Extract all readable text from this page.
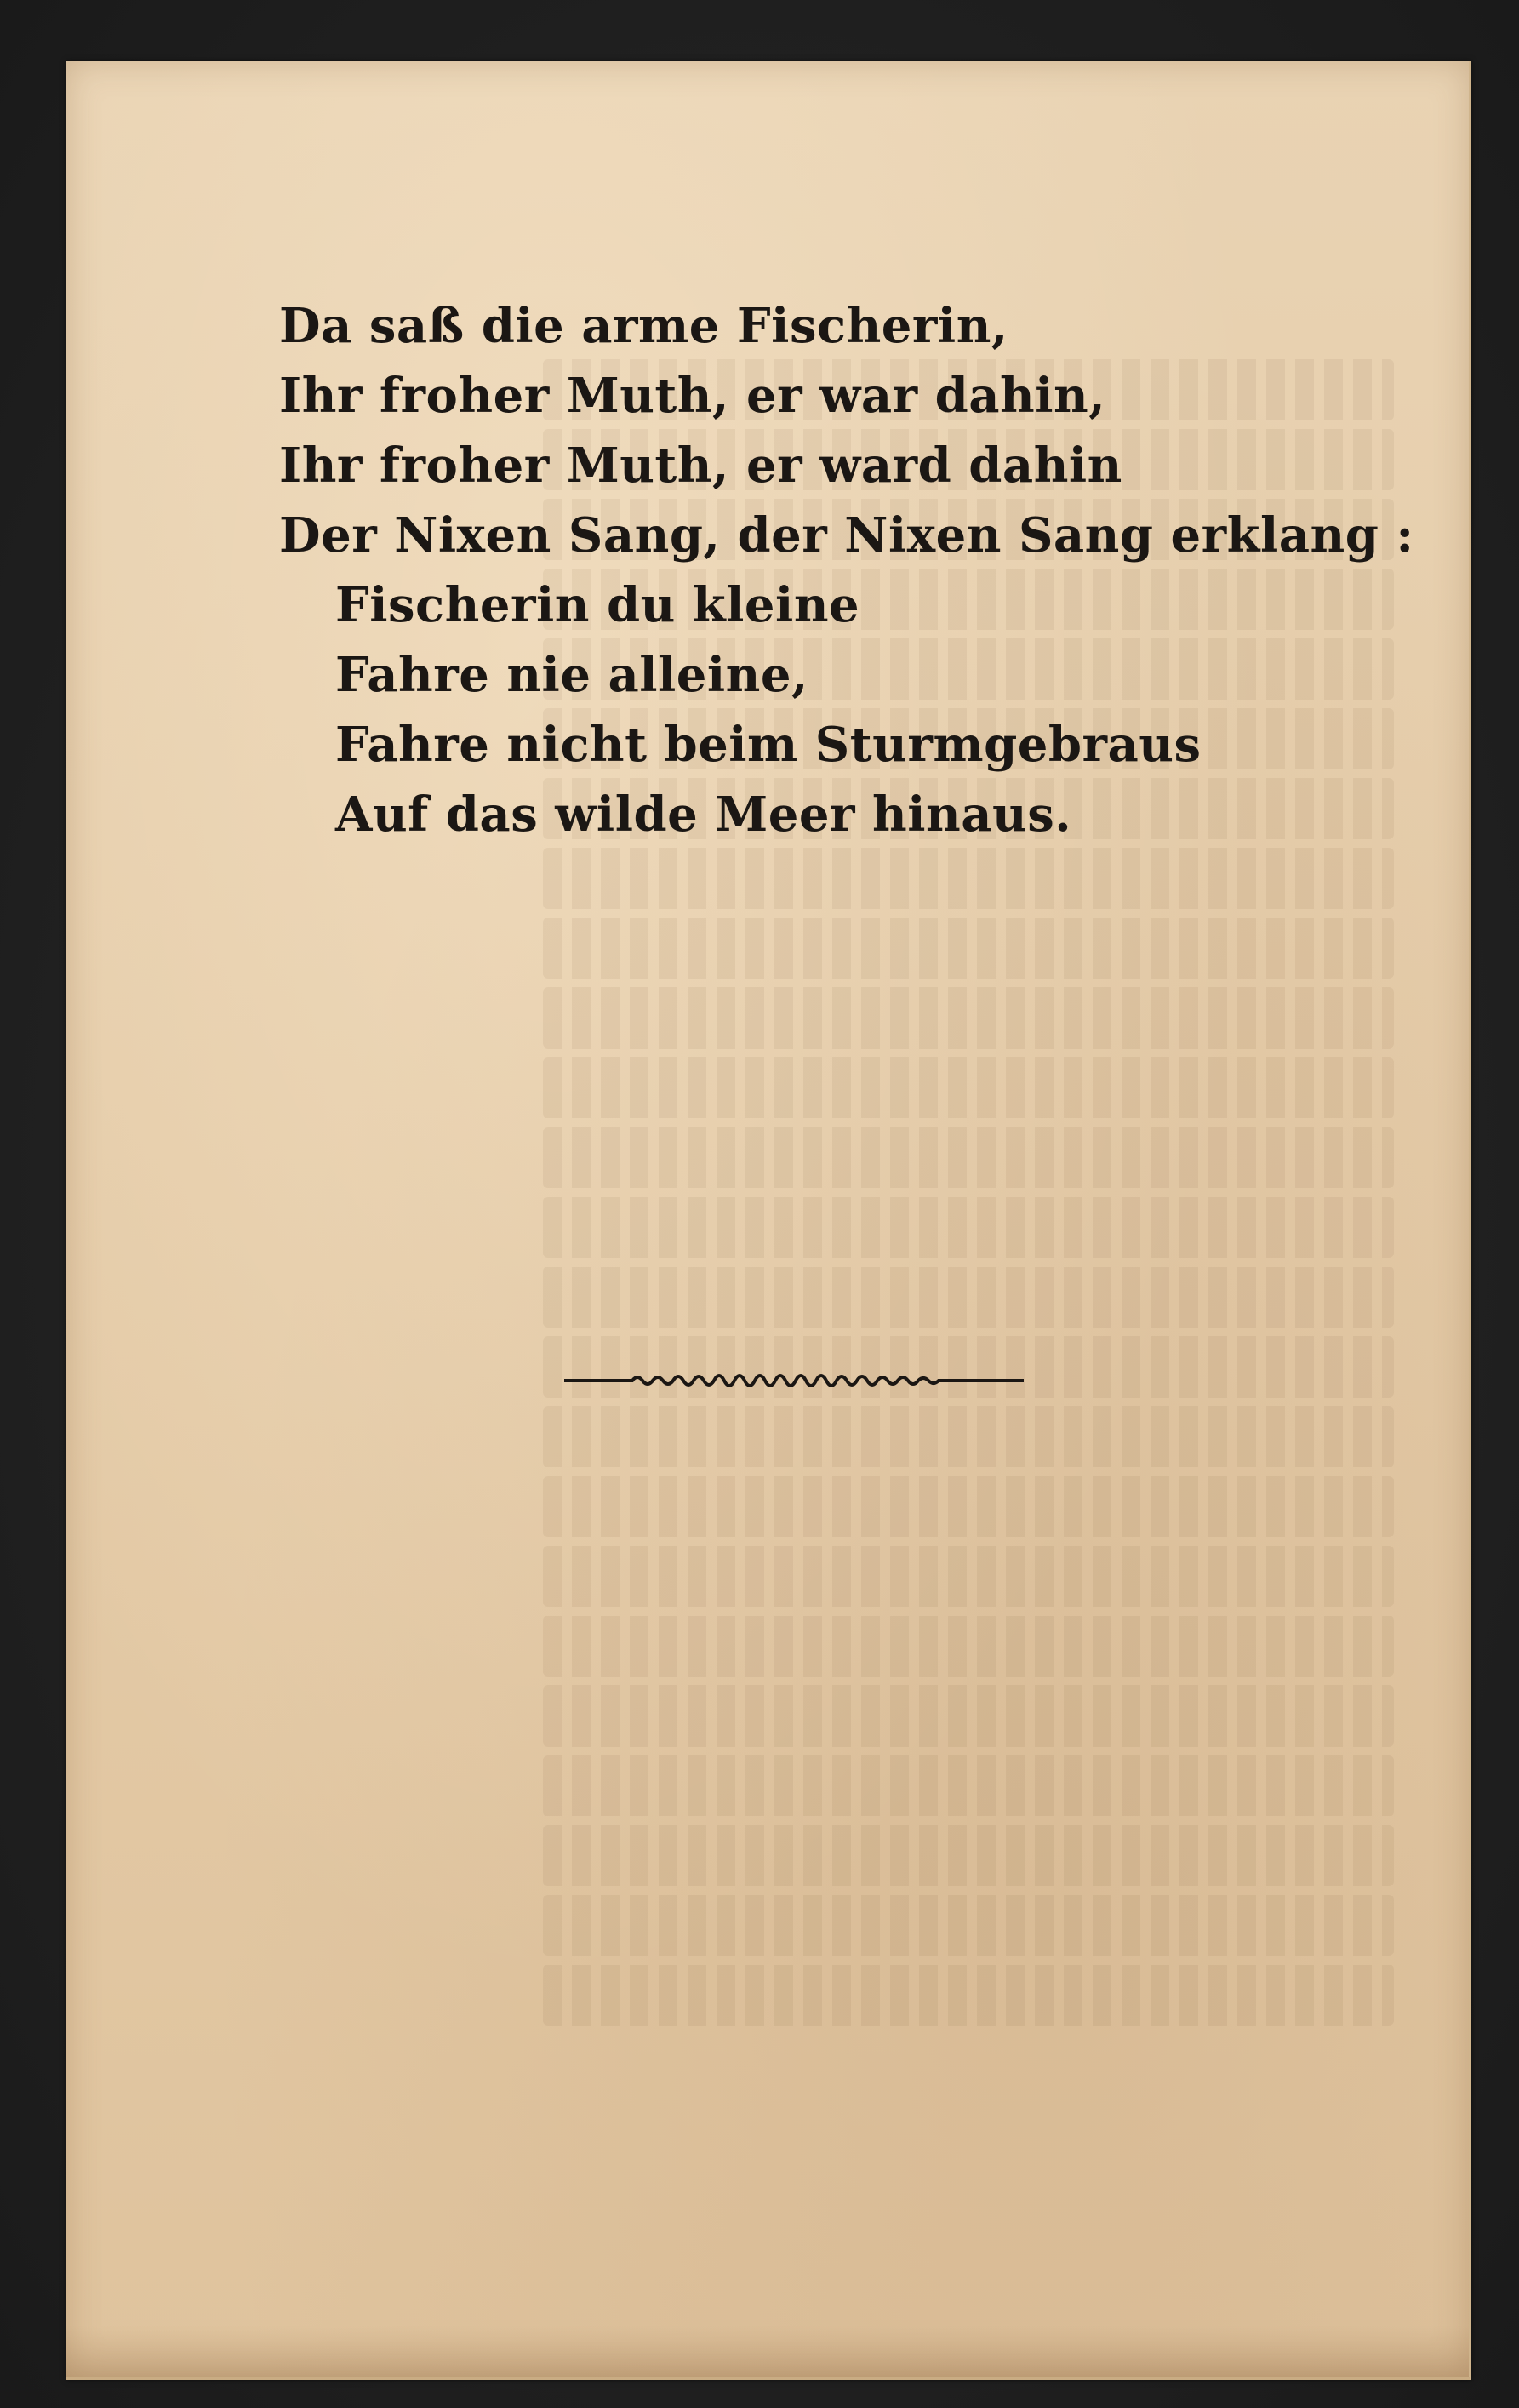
Da saß die arme Fischerin,
Ihr froher Muth, er war dahin,
Ihr froher Muth, er ward dahin
Der Nixen Sang, der Nixen Sang erklang :
Fischerin du kleine
Fahre nie alleine,
Fahre nicht beim Sturmgebraus
Auf das wilde Meer hinaus.
